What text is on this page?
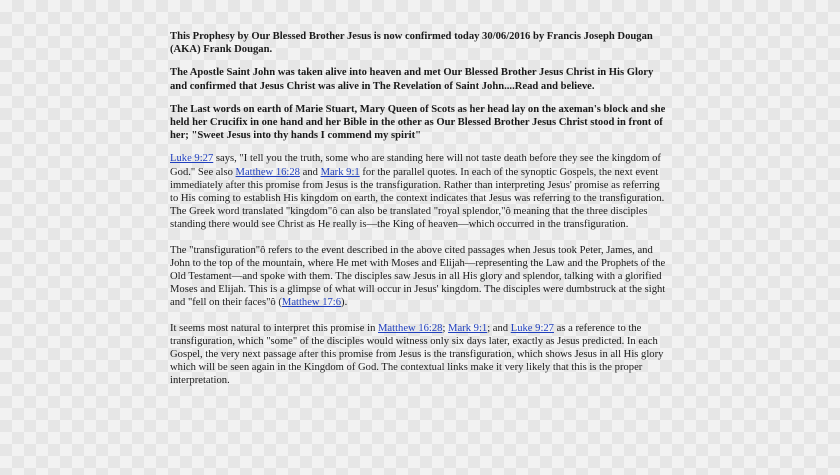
This Prophesy by Our Blessed Brother Jesus is now confirmed today 30/06/2016 by Francis Joseph Dougan (AKA) Frank Dougan.

The Apostle Saint John was taken alive into heaven and met Our Blessed Brother Jesus Christ in His Glory and confirmed that Jesus Christ was alive in The Revelation of Saint John....Read and believe.

The Last words on earth of Marie Stuart, Mary Queen of Scots as her head lay on the axeman's block and she held her Crucifix in one hand and her Bible in the other as Our Blessed Brother Jesus Christ stood in front of her; "Sweet Jesus into thy hands I commend my spirit"

Luke 9:27 says, "I tell you the truth, some who are standing here will not taste death before they see the kingdom of God." See also Matthew 16:28 and Mark 9:1 for the parallel quotes. In each of the synoptic Gospels, the next event immediately after this promise from Jesus is the transfiguration. Rather than interpreting Jesus' promise as referring to His coming to establish His kingdom on earth, the context indicates that Jesus was referring to the transfiguration. The Greek word translated "kingdom"ô can also be translated "royal splendor,"ô meaning that the three disciples standing there would see Christ as He really is—the King of heaven—which occurred in the transfiguration.

The "transfiguration"ô refers to the event described in the above cited passages when Jesus took Peter, James, and John to the top of the mountain, where He met with Moses and Elijah—representing the Law and the Prophets of the Old Testament—and spoke with them. The disciples saw Jesus in all His glory and splendor, talking with a glorified Moses and Elijah. This is a glimpse of what will occur in Jesus' kingdom. The disciples were dumbstruck at the sight and "fell on their faces"ô (Matthew 17:6).

It seems most natural to interpret this promise in Matthew 16:28; Mark 9:1; and Luke 9:27 as a reference to the transfiguration, which "some" of the disciples would witness only six days later, exactly as Jesus predicted. In each Gospel, the very next passage after this promise from Jesus is the transfiguration, which shows Jesus in all His glory which will be seen again in the Kingdom of God. The contextual links make it very likely that this is the proper interpretation.
